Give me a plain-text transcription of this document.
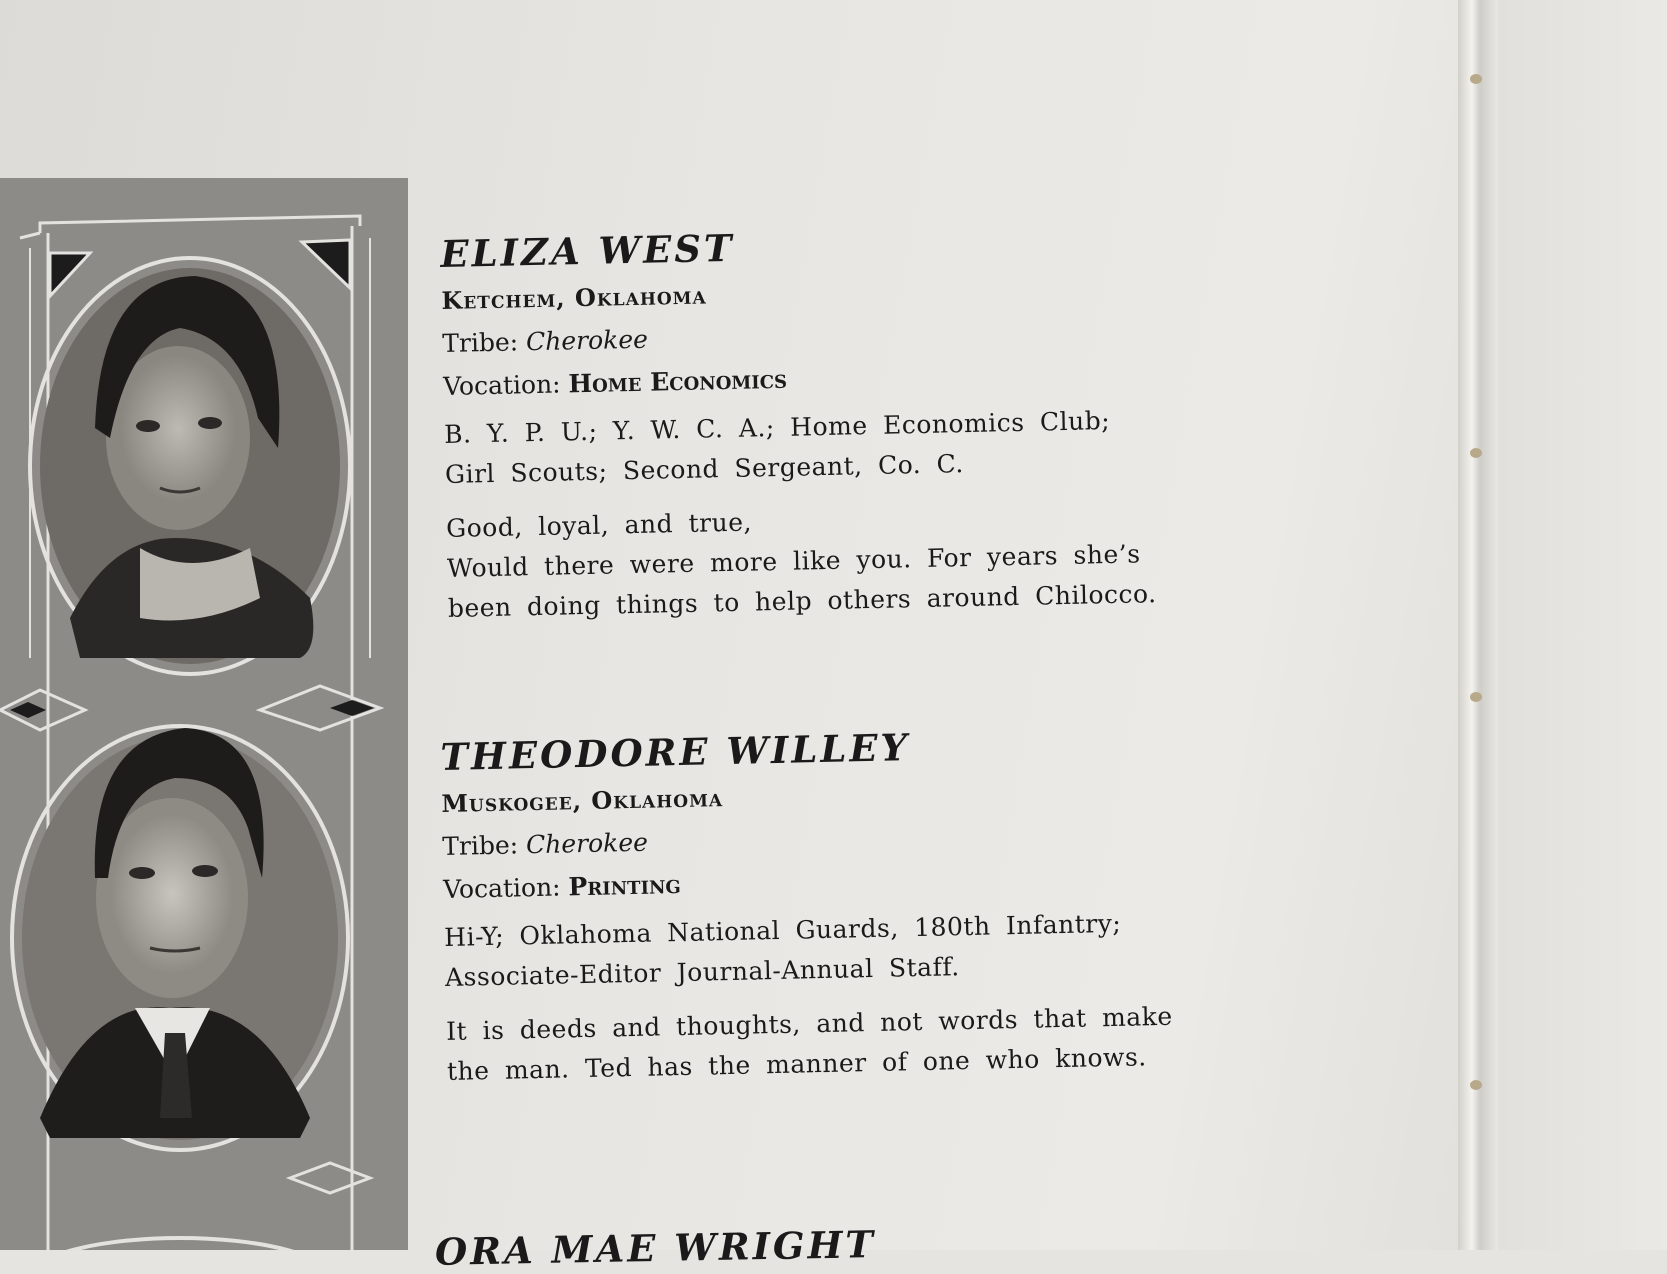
ELIZA WEST

Ketchem, Oklahoma

Tribe: Cherokee

Vocation: Home Economics

B. Y. P. U.; Y. W. C. A.; Home Economics Club;
Girl Scouts; Second Sergeant, Co. C.
Good, loyal, and true,
Would there were more like you. For years she’s
been doing things to help others around Chilocco.

THEODORE WILLEY

Muskogee, Oklahoma

Tribe: Cherokee

Vocation: Printing

Hi-Y; Oklahoma National Guards, 180th Infantry;
Associate-Editor Journal-Annual Staff.
It is deeds and thoughts, and not words that make
the man. Ted has the manner of one who knows.
ORA MAE WRIGHT
